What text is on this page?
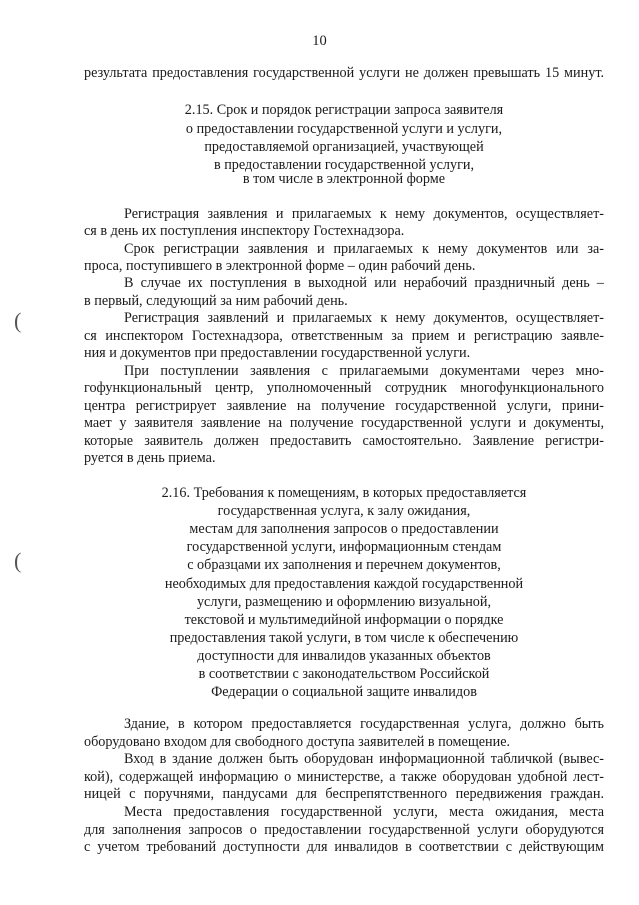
10
результата предоставления государственной услуги не должен превышать 15 минут.
2.15. Срок и порядок регистрации запроса заявителя
о предоставлении государственной услуги и услуги,
предоставляемой организацией, участвующей
в предоставлении государственной услуги,
в том числе в электронной форме
Регистрация заявления и прилагаемых к нему документов, осуществляет-
ся в день их поступления инспектору Гостехнадзора.
Срок регистрации заявления и прилагаемых к нему документов или за-
проса, поступившего в электронной форме – один рабочий день.
В случае их поступления в выходной или нерабочий праздничный день –
в первый, следующий за ним рабочий день.
Регистрация заявлений и прилагаемых к нему документов, осуществляет-
ся инспектором Гостехнадзора, ответственным за прием и регистрацию заявле-
ния и документов при предоставлении государственной услуги.
При поступлении заявления с прилагаемыми документами через мно-
гофункциональный центр, уполномоченный сотрудник многофункционального
центра регистрирует заявление на получение государственной услуги, прини-
мает у заявителя заявление на получение государственной услуги и документы,
которые заявитель должен предоставить самостоятельно. Заявление регистри-
руется в день приема.
2.16. Требования к помещениям, в которых предоставляется
государственная услуга, к залу ожидания,
местам для заполнения запросов о предоставлении
государственной услуги, информационным стендам
с образцами их заполнения и перечнем документов,
необходимых для предоставления каждой государственной
услуги, размещению и оформлению визуальной,
текстовой и мультимедийной информации о порядке
предоставления такой услуги, в том числе к обеспечению
доступности для инвалидов указанных объектов
в соответствии с законодательством Российской
Федерации о социальной защите инвалидов
Здание, в котором предоставляется государственная услуга, должно быть
оборудовано входом для свободного доступа заявителей в помещение.
Вход в здание должен быть оборудован информационной табличкой (вывес-
кой), содержащей информацию о министерстве, а также оборудован удобной лест-
ницей с поручнями, пандусами для беспрепятственного передвижения граждан.
Места предоставления государственной услуги, места ожидания, места
для заполнения запросов о предоставлении государственной услуги оборудуются
с учетом требований доступности для инвалидов в соответствии с действующим
(
(
